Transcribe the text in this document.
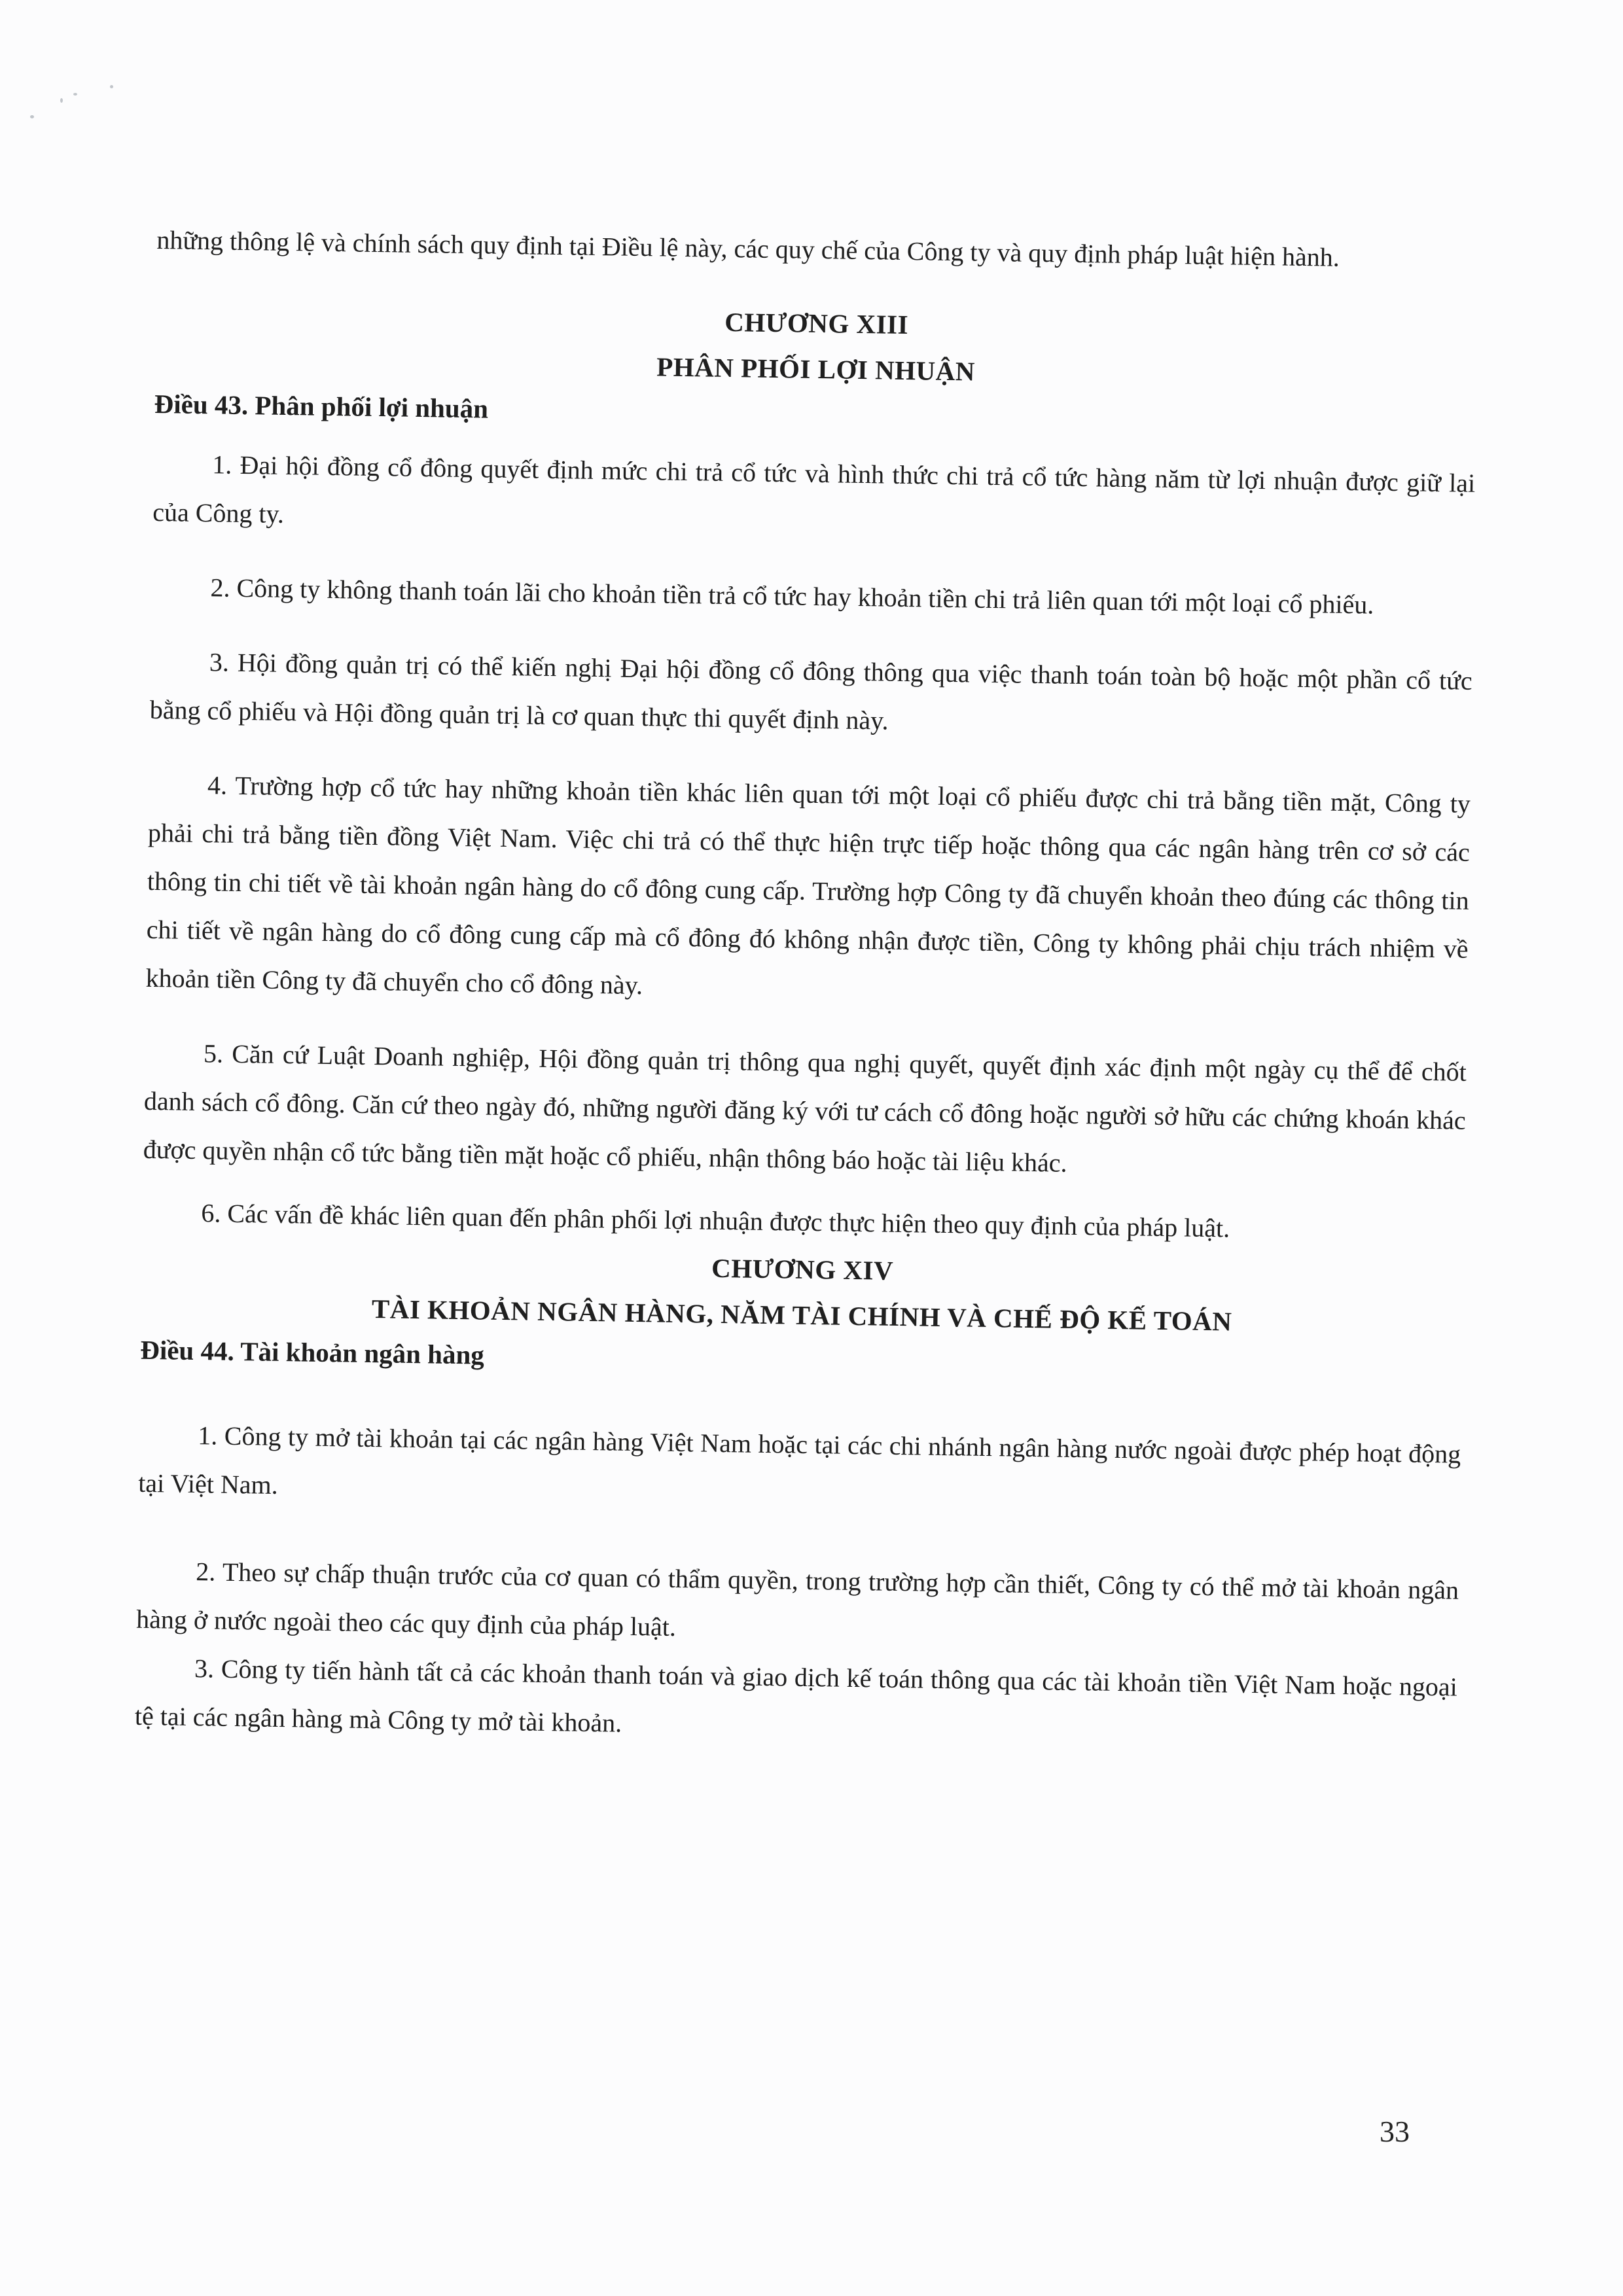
những thông lệ và chính sách quy định tại Điều lệ này, các quy chế của Công ty và quy định pháp luật hiện hành.

CHƯƠNG XIII
PHÂN PHỐI LỢI NHUẬN
Điều 43. Phân phối lợi nhuận

1. Đại hội đồng cổ đông quyết định mức chi trả cổ tức và hình thức chi trả cổ tức hàng năm từ lợi nhuận được giữ lại của Công ty.

2. Công ty không thanh toán lãi cho khoản tiền trả cổ tức hay khoản tiền chi trả liên quan tới một loại cổ phiếu.

3. Hội đồng quản trị có thể kiến nghị Đại hội đồng cổ đông thông qua việc thanh toán toàn bộ hoặc một phần cổ tức bằng cổ phiếu và Hội đồng quản trị là cơ quan thực thi quyết định này.

4. Trường hợp cổ tức hay những khoản tiền khác liên quan tới một loại cổ phiếu được chi trả bằng tiền mặt, Công ty phải chi trả bằng tiền đồng Việt Nam. Việc chi trả có thể thực hiện trực tiếp hoặc thông qua các ngân hàng trên cơ sở các thông tin chi tiết về tài khoản ngân hàng do cổ đông cung cấp. Trường hợp Công ty đã chuyển khoản theo đúng các thông tin chi tiết về ngân hàng do cổ đông cung cấp mà cổ đông đó không nhận được tiền, Công ty không phải chịu trách nhiệm về khoản tiền Công ty đã chuyển cho cổ đông này.

5. Căn cứ Luật Doanh nghiệp, Hội đồng quản trị thông qua nghị quyết, quyết định xác định một ngày cụ thể để chốt danh sách cổ đông. Căn cứ theo ngày đó, những người đăng ký với tư cách cổ đông hoặc người sở hữu các chứng khoán khác được quyền nhận cổ tức bằng tiền mặt hoặc cổ phiếu, nhận thông báo hoặc tài liệu khác.

6. Các vấn đề khác liên quan đến phân phối lợi nhuận được thực hiện theo quy định của pháp luật.

CHƯƠNG XIV
TÀI KHOẢN NGÂN HÀNG, NĂM TÀI CHÍNH VÀ CHẾ ĐỘ KẾ TOÁN
Điều 44. Tài khoản ngân hàng

1. Công ty mở tài khoản tại các ngân hàng Việt Nam hoặc tại các chi nhánh ngân hàng nước ngoài được phép hoạt động tại Việt Nam.

2. Theo sự chấp thuận trước của cơ quan có thẩm quyền, trong trường hợp cần thiết, Công ty có thể mở tài khoản ngân hàng ở nước ngoài theo các quy định của pháp luật.

3. Công ty tiến hành tất cả các khoản thanh toán và giao dịch kế toán thông qua các tài khoản tiền Việt Nam hoặc ngoại tệ tại các ngân hàng mà Công ty mở tài khoản.

33
